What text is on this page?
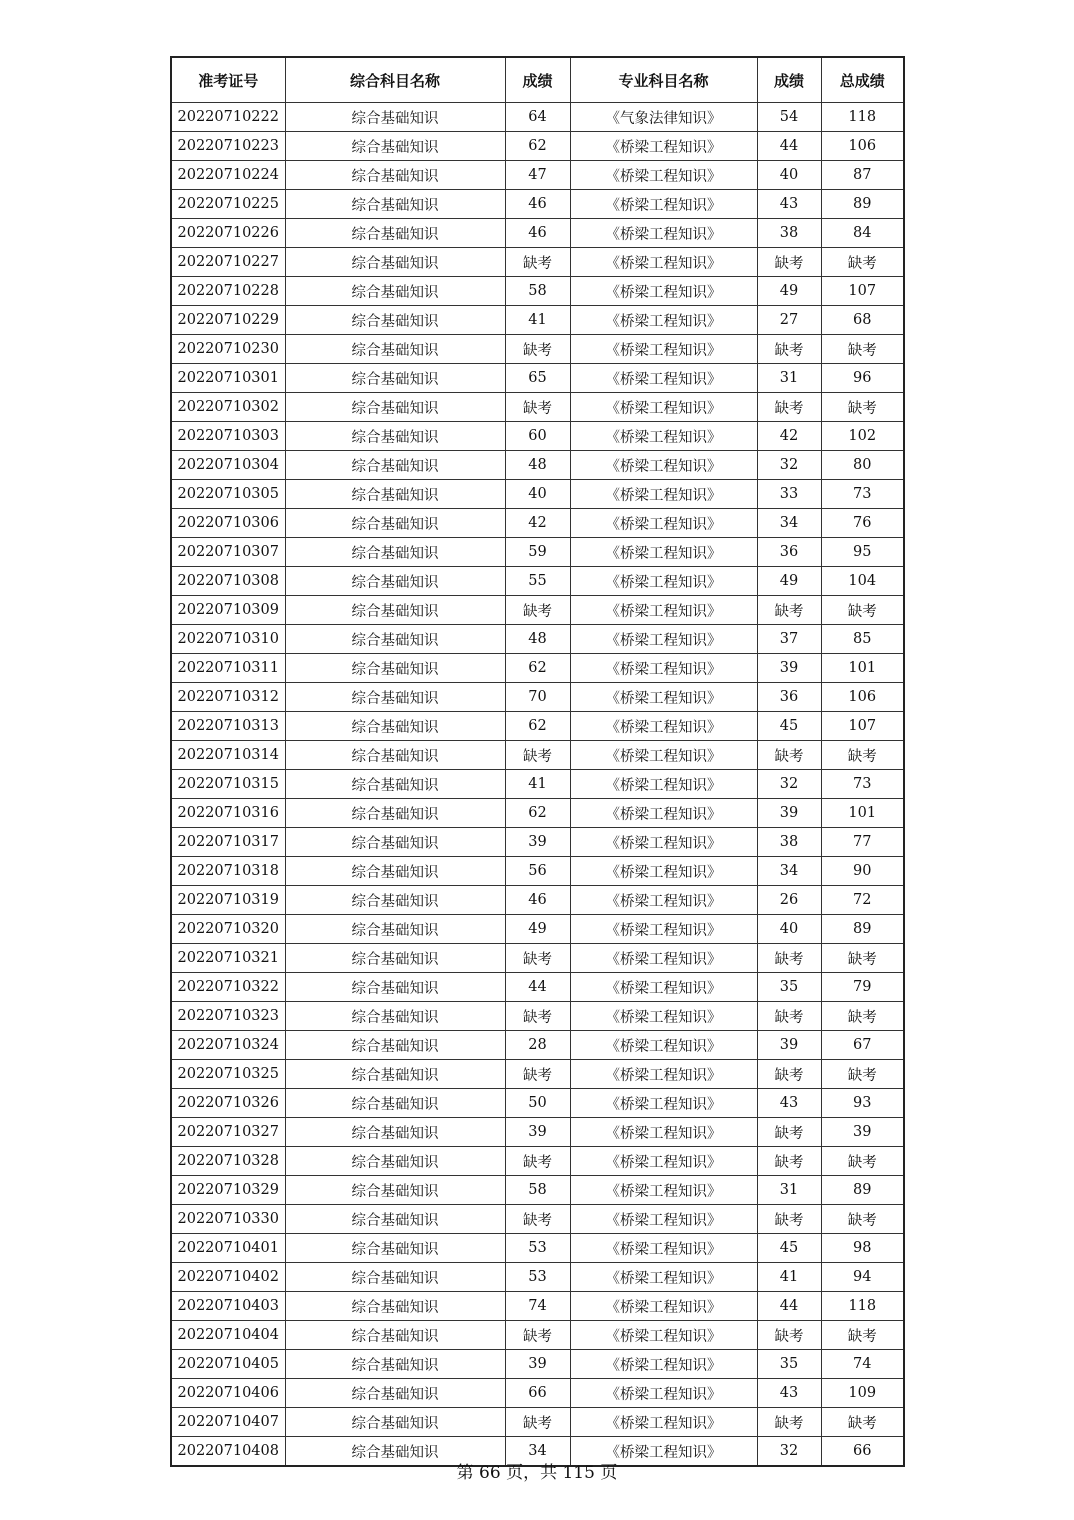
准考证号	综合科目名称	成绩	专业科目名称	成绩	总成绩
20220710222	综合基础知识	64	《气象法律知识》	54	118
20220710223	综合基础知识	62	《桥梁工程知识》	44	106
20220710224	综合基础知识	47	《桥梁工程知识》	40	87
20220710225	综合基础知识	46	《桥梁工程知识》	43	89
20220710226	综合基础知识	46	《桥梁工程知识》	38	84
20220710227	综合基础知识	缺考	《桥梁工程知识》	缺考	缺考
20220710228	综合基础知识	58	《桥梁工程知识》	49	107
20220710229	综合基础知识	41	《桥梁工程知识》	27	68
20220710230	综合基础知识	缺考	《桥梁工程知识》	缺考	缺考
20220710301	综合基础知识	65	《桥梁工程知识》	31	96
20220710302	综合基础知识	缺考	《桥梁工程知识》	缺考	缺考
20220710303	综合基础知识	60	《桥梁工程知识》	42	102
20220710304	综合基础知识	48	《桥梁工程知识》	32	80
20220710305	综合基础知识	40	《桥梁工程知识》	33	73
20220710306	综合基础知识	42	《桥梁工程知识》	34	76
20220710307	综合基础知识	59	《桥梁工程知识》	36	95
20220710308	综合基础知识	55	《桥梁工程知识》	49	104
20220710309	综合基础知识	缺考	《桥梁工程知识》	缺考	缺考
20220710310	综合基础知识	48	《桥梁工程知识》	37	85
20220710311	综合基础知识	62	《桥梁工程知识》	39	101
20220710312	综合基础知识	70	《桥梁工程知识》	36	106
20220710313	综合基础知识	62	《桥梁工程知识》	45	107
20220710314	综合基础知识	缺考	《桥梁工程知识》	缺考	缺考
20220710315	综合基础知识	41	《桥梁工程知识》	32	73
20220710316	综合基础知识	62	《桥梁工程知识》	39	101
20220710317	综合基础知识	39	《桥梁工程知识》	38	77
20220710318	综合基础知识	56	《桥梁工程知识》	34	90
20220710319	综合基础知识	46	《桥梁工程知识》	26	72
20220710320	综合基础知识	49	《桥梁工程知识》	40	89
20220710321	综合基础知识	缺考	《桥梁工程知识》	缺考	缺考
20220710322	综合基础知识	44	《桥梁工程知识》	35	79
20220710323	综合基础知识	缺考	《桥梁工程知识》	缺考	缺考
20220710324	综合基础知识	28	《桥梁工程知识》	39	67
20220710325	综合基础知识	缺考	《桥梁工程知识》	缺考	缺考
20220710326	综合基础知识	50	《桥梁工程知识》	43	93
20220710327	综合基础知识	39	《桥梁工程知识》	缺考	39
20220710328	综合基础知识	缺考	《桥梁工程知识》	缺考	缺考
20220710329	综合基础知识	58	《桥梁工程知识》	31	89
20220710330	综合基础知识	缺考	《桥梁工程知识》	缺考	缺考
20220710401	综合基础知识	53	《桥梁工程知识》	45	98
20220710402	综合基础知识	53	《桥梁工程知识》	41	94
20220710403	综合基础知识	74	《桥梁工程知识》	44	118
20220710404	综合基础知识	缺考	《桥梁工程知识》	缺考	缺考
20220710405	综合基础知识	39	《桥梁工程知识》	35	74
20220710406	综合基础知识	66	《桥梁工程知识》	43	109
20220710407	综合基础知识	缺考	《桥梁工程知识》	缺考	缺考
20220710408	综合基础知识	34	《桥梁工程知识》	32	66
第 66 页，共 115 页
